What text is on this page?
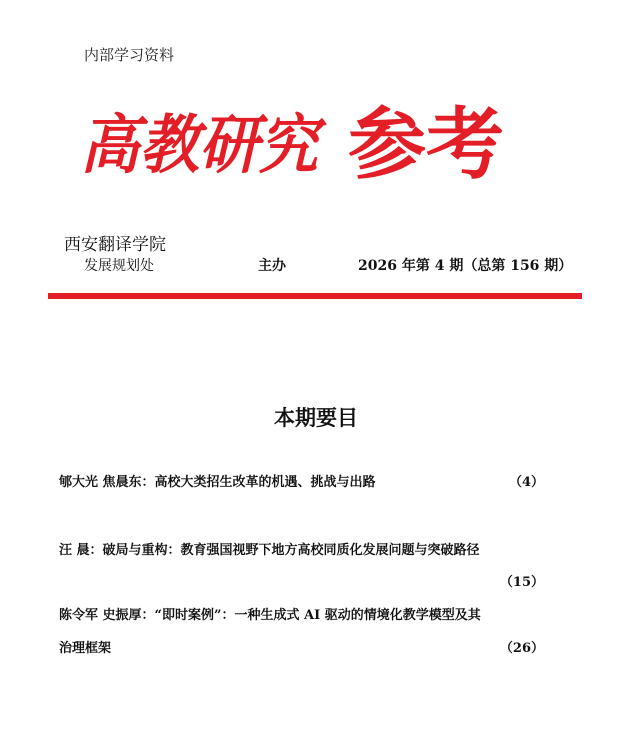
内部学习资料
高教研究 参考
西安翻译学院
发展规划处	主办	2026 年第 4 期（总第 156 期）
本期要目
郇大光 焦晨东：高校大类招生改革的机遇、挑战与出路	（4）
汪 晨：破局与重构：教育强国视野下地方高校同质化发展问题与突破路径
（15）
陈令军 史振厚：“即时案例”：一种生成式 AI 驱动的情境化教学模型及其
治理框架	（26）
